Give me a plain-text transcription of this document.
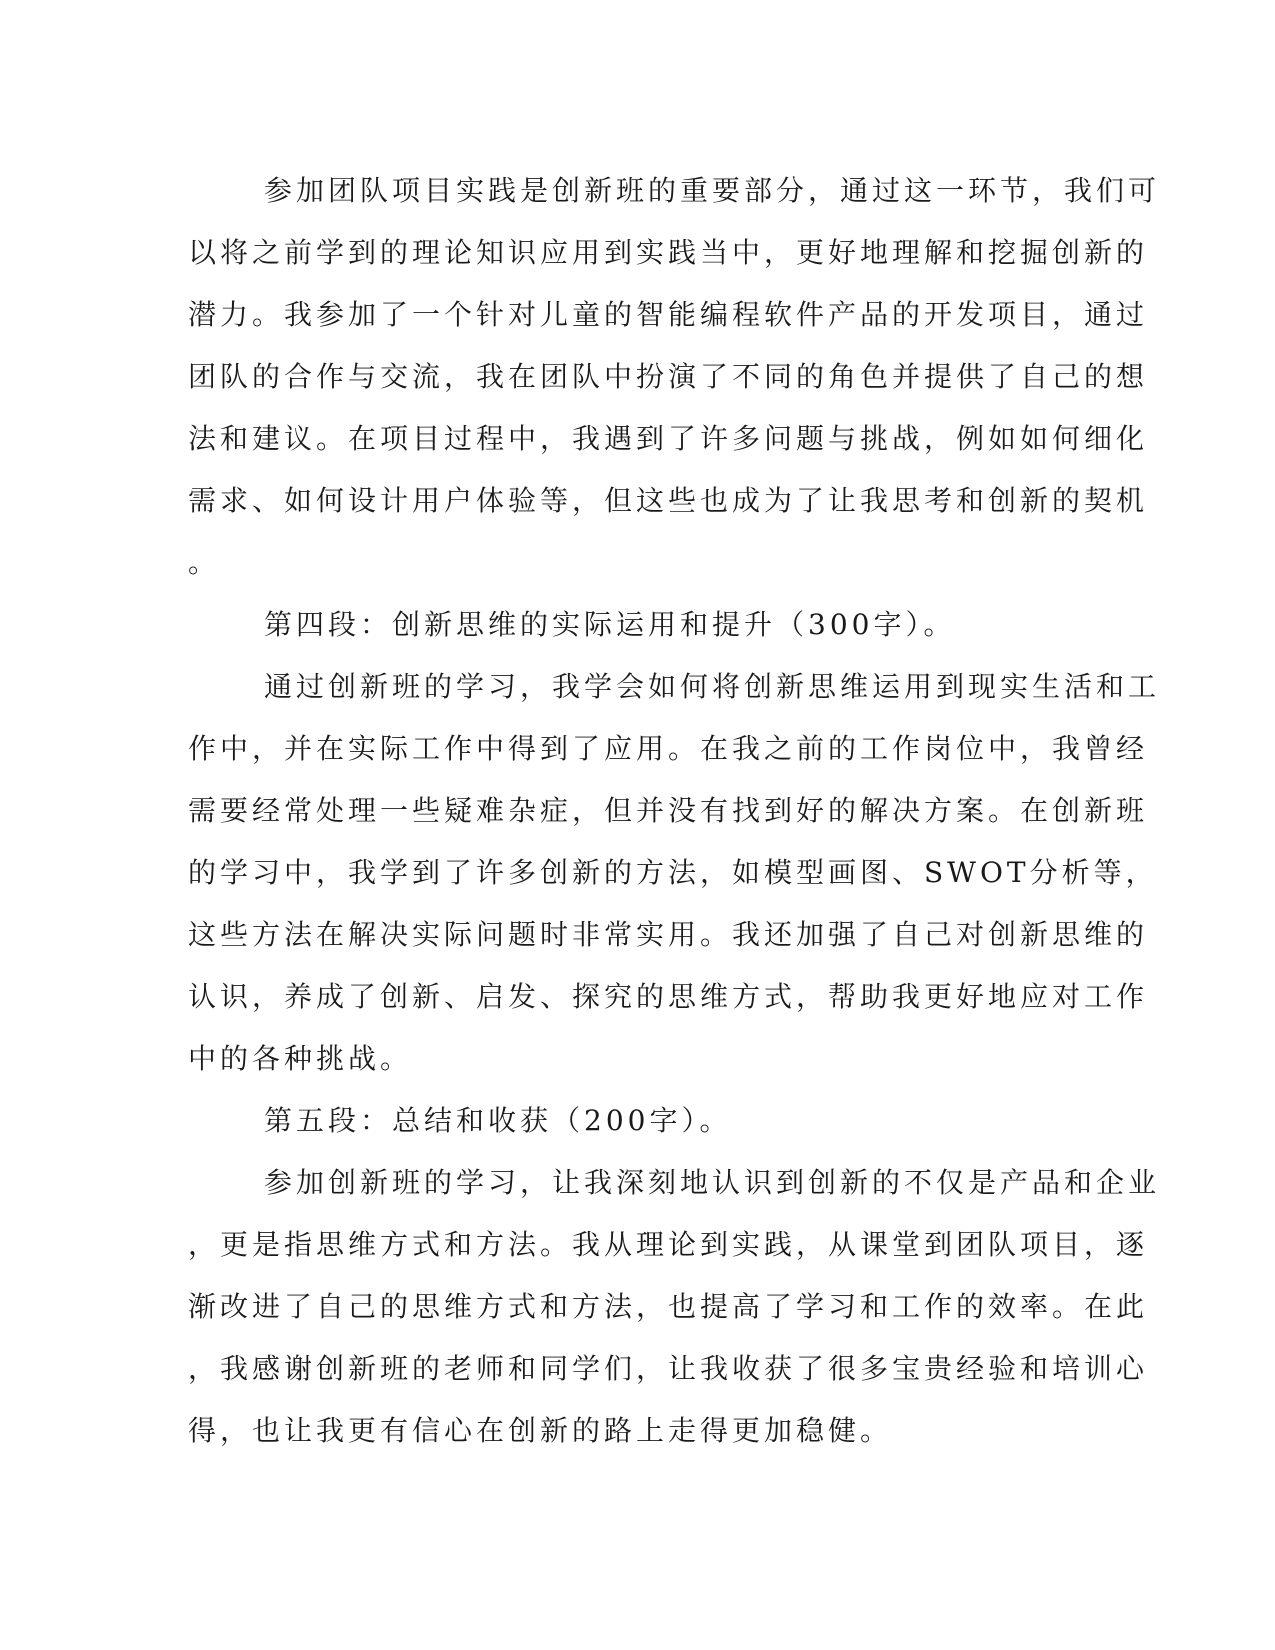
参加团队项目实践是创新班的重要部分，通过这一环节，我们可
以将之前学到的理论知识应用到实践当中，更好地理解和挖掘创新的
潜力。我参加了一个针对儿童的智能编程软件产品的开发项目，通过
团队的合作与交流，我在团队中扮演了不同的角色并提供了自己的想
法和建议。在项目过程中，我遇到了许多问题与挑战，例如如何细化
需求、如何设计用户体验等，但这些也成为了让我思考和创新的契机
。
第四段：创新思维的实际运用和提升（300字）。
通过创新班的学习，我学会如何将创新思维运用到现实生活和工
作中，并在实际工作中得到了应用。在我之前的工作岗位中，我曾经
需要经常处理一些疑难杂症，但并没有找到好的解决方案。在创新班
的学习中，我学到了许多创新的方法，如模型画图、SWOT分析等，
这些方法在解决实际问题时非常实用。我还加强了自己对创新思维的
认识，养成了创新、启发、探究的思维方式，帮助我更好地应对工作
中的各种挑战。
第五段：总结和收获（200字）。
参加创新班的学习，让我深刻地认识到创新的不仅是产品和企业
，更是指思维方式和方法。我从理论到实践，从课堂到团队项目，逐
渐改进了自己的思维方式和方法，也提高了学习和工作的效率。在此
，我感谢创新班的老师和同学们，让我收获了很多宝贵经验和培训心
得，也让我更有信心在创新的路上走得更加稳健。
